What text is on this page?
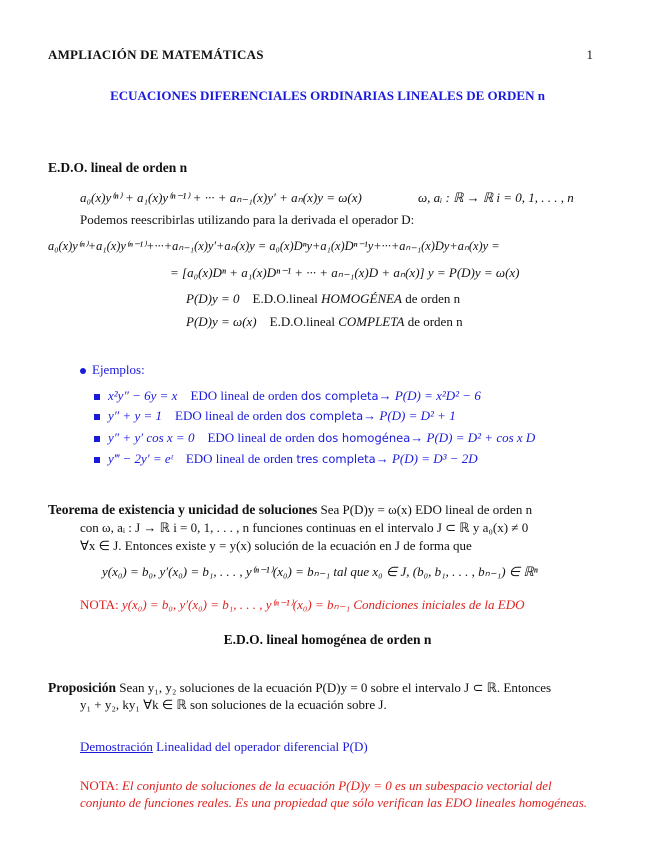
AMPLIACIÓN DE MATEMÁTICAS	1
ECUACIONES DIFERENCIALES ORDINARIAS LINEALES DE ORDEN n
E.D.O. lineal de orden n
a₀(x)y⁽ⁿ⁾ + a₁(x)y⁽ⁿ⁻¹⁾ + ··· + aₙ₋₁(x)y′ + aₙ(x)y = ω(x)	ω, aᵢ : ℝ → ℝ i = 0, 1, . . . , n
Podemos reescribirlas utilizando para la derivada el operador D:
a₀(x)y⁽ⁿ⁾+a₁(x)y⁽ⁿ⁻¹⁾+···+aₙ₋₁(x)y′+aₙ(x)y = a₀(x)Dⁿy+a₁(x)Dⁿ⁻¹y+···+aₙ₋₁(x)Dy+aₙ(x)y =
= [a₀(x)Dⁿ + a₁(x)Dⁿ⁻¹ + ··· + aₙ₋₁(x)D + aₙ(x)] y = P(D)y = ω(x)
P(D)y = 0 E.D.O.lineal HOMOGÉNEA de orden n
P(D)y = ω(x) E.D.O.lineal COMPLETA de orden n
Ejemplos:
x²y″ − 6y = x EDO lineal de orden dos completa→ P(D) = x²D² − 6
y″ + y = 1 EDO lineal de orden dos completa→ P(D) = D² + 1
y″ + y′ cos x = 0 EDO lineal de orden dos homogénea→ P(D) = D² + cos x D
y‴ − 2y′ = eᵗ EDO lineal de orden tres completa→ P(D) = D³ − 2D
Teorema de existencia y unicidad de soluciones Sea P(D)y = ω(x) EDO lineal de orden n
con ω, aᵢ : J → ℝ i = 0, 1, . . . , n funciones continuas en el intervalo J ⊂ ℝ y a₀(x) ≠ 0
∀x ∈ J. Entonces existe y = y(x) solución de la ecuación en J de forma que
y(x₀) = b₀, y′(x₀) = b₁, . . . , y⁽ⁿ⁻¹⁾(x₀) = bₙ₋₁ tal que x₀ ∈ J, (b₀, b₁, . . . , bₙ₋₁) ∈ ℝⁿ
NOTA: y(x₀) = b₀, y′(x₀) = b₁, . . . , y⁽ⁿ⁻¹⁾(x₀) = bₙ₋₁ Condiciones iniciales de la EDO
E.D.O. lineal homogénea de orden n
Proposición Sean y₁, y₂ soluciones de la ecuación P(D)y = 0 sobre el intervalo J ⊂ ℝ. Entonces
y₁ + y₂, ky₁ ∀k ∈ ℝ son soluciones de la ecuación sobre J.
Demostración Linealidad del operador diferencial P(D)
NOTA: El conjunto de soluciones de la ecuación P(D)y = 0 es un subespacio vectorial del
conjunto de funciones reales. Es una propiedad que sólo verifican las EDO lineales homogéneas.
